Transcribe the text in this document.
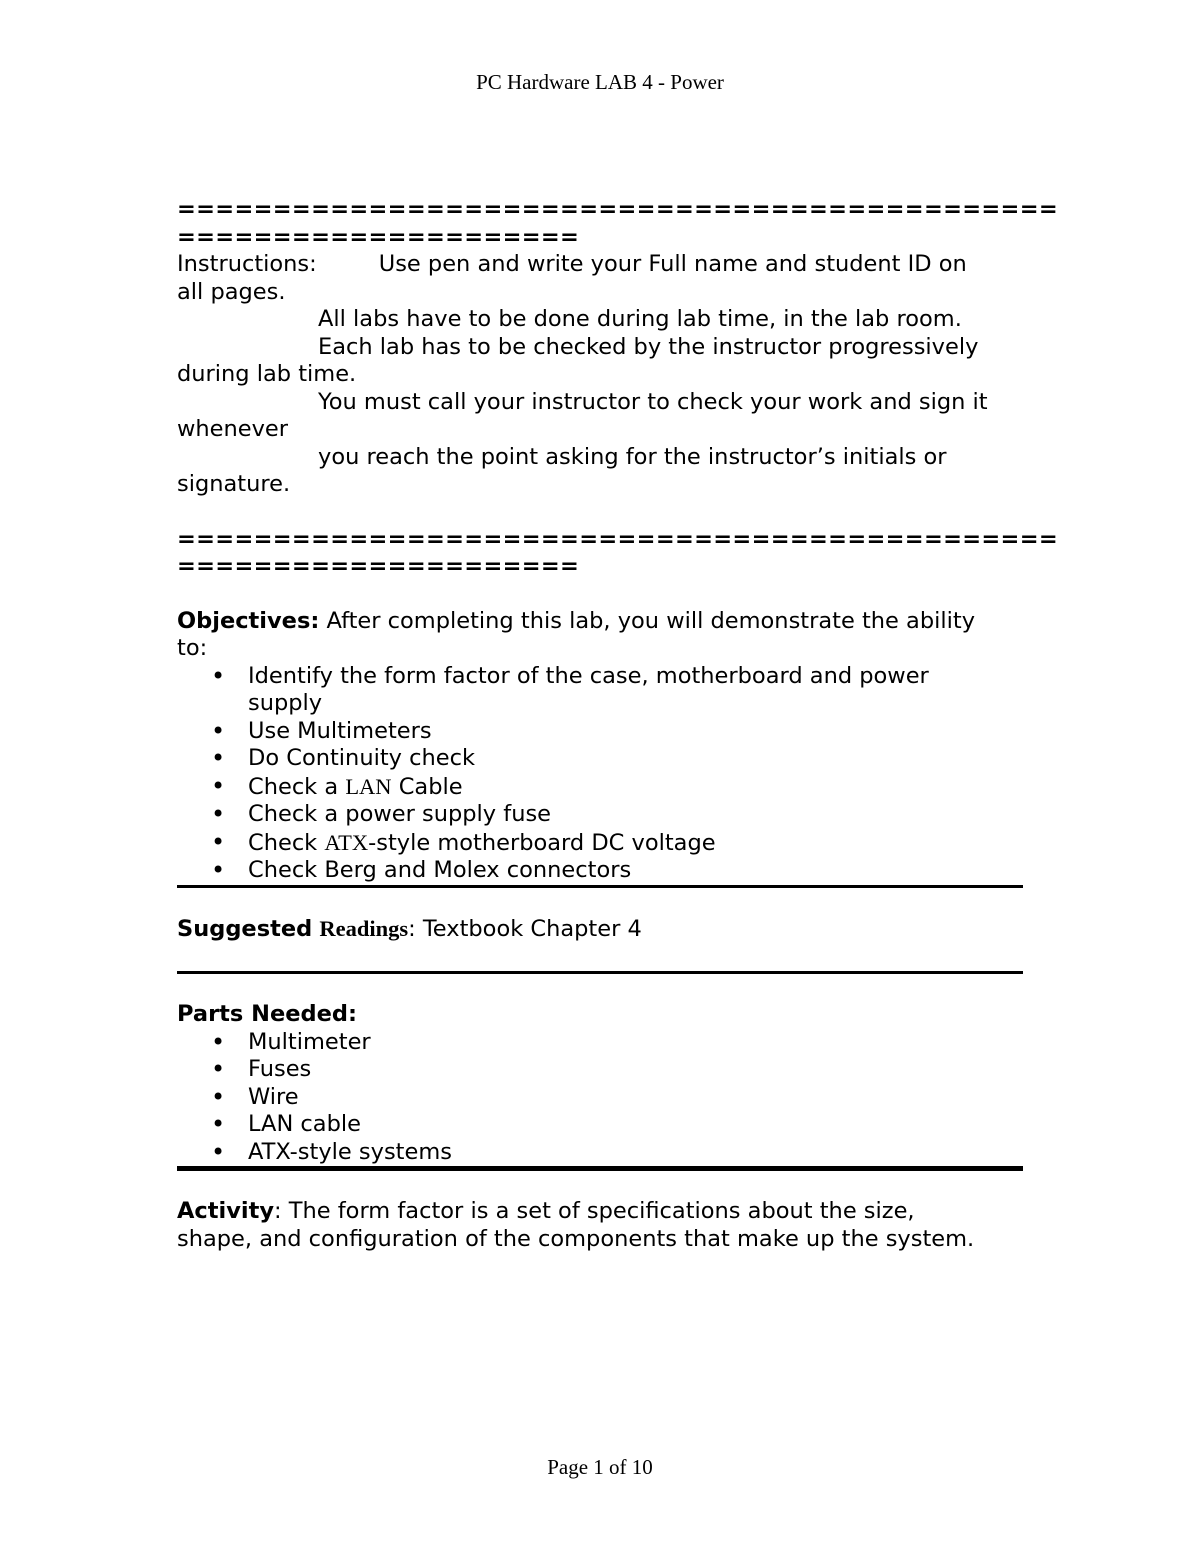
PC Hardware LAB 4 - Power
==============================================
=====================
Instructions:	Use pen and write your Full name and student ID on
all pages.
All labs have to be done during lab time, in the lab room.
Each lab has to be checked by the instructor progressively
during lab time.
You must call your instructor to check your work and sign it
whenever
you reach the point asking for the instructor’s initials or
signature.
==============================================
=====================
Objectives: After completing this lab, you will demonstrate the ability
to:
• Identify the form factor of the case, motherboard and power
supply
• Use Multimeters
• Do Continuity check
• Check a LAN Cable
• Check a power supply fuse
• Check ATX-style motherboard DC voltage
• Check Berg and Molex connectors
Suggested Readings: Textbook Chapter 4
Parts Needed:
• Multimeter
• Fuses
• Wire
• LAN cable
• ATX-style systems
Activity: The form factor is a set of specifications about the size,
shape, and configuration of the components that make up the system.
Page 1 of 10
